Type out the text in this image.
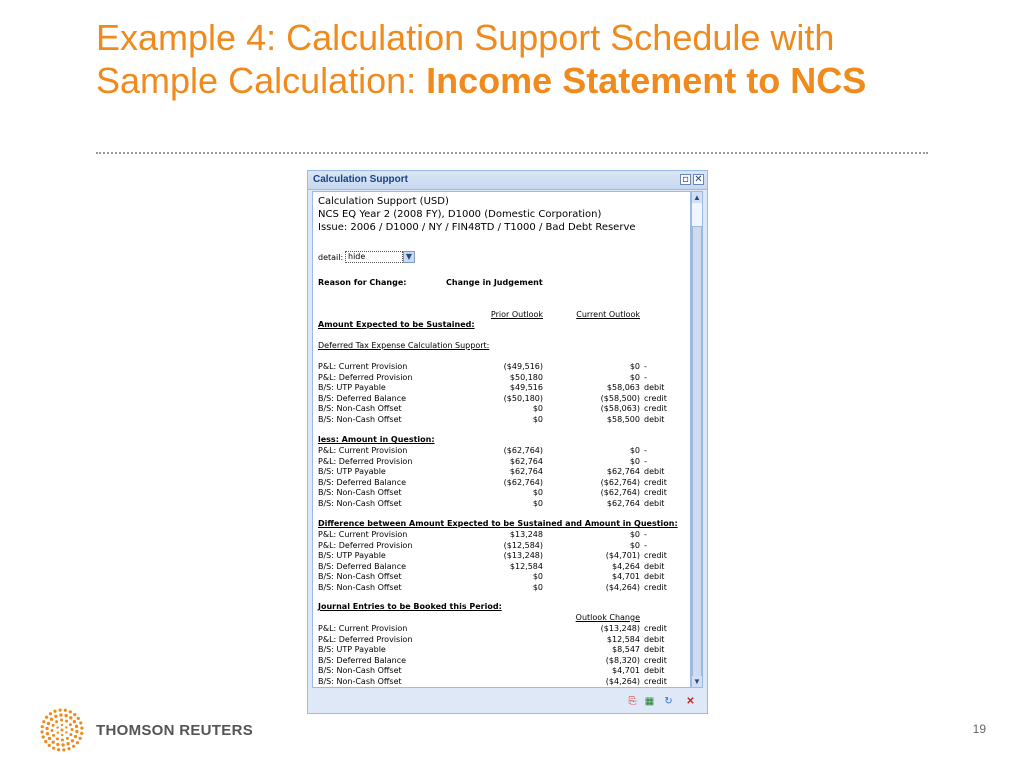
Example 4: Calculation Support Schedule with
Sample Calculation: Income Statement to NCS
Calculation Support	▫ ✕
Calculation Support (USD)
NCS EQ Year 2 (2008 FY), D1000 (Domestic Corporation)
Issue: 2006 / D1000 / NY / FIN48TD / T1000 / Bad Debt Reserve
detail: hide	▼
Reason for Change:	Change in Judgement
Prior Outlook	Current Outlook
Amount Expected to be Sustained:
Deferred Tax Expense Calculation Support:
P&L: Current Provision	($49,516)	$0 -
P&L: Deferred Provision	$50,180	$0 -
B/S: UTP Payable	$49,516	$58,063 debit
B/S: Deferred Balance	($50,180)	($58,500) credit
B/S: Non-Cash Offset	$0	($58,063) credit
B/S: Non-Cash Offset	$0	$58,500 debit
less: Amount in Question:
P&L: Current Provision	($62,764)	$0 -
P&L: Deferred Provision	$62,764	$0 -
B/S: UTP Payable	$62,764	$62,764 debit
B/S: Deferred Balance	($62,764)	($62,764) credit
B/S: Non-Cash Offset	$0	($62,764) credit
B/S: Non-Cash Offset	$0	$62,764 debit
Difference between Amount Expected to be Sustained and Amount in Question:
P&L: Current Provision	$13,248	$0 -
P&L: Deferred Provision	($12,584)	$0 -
B/S: UTP Payable	($13,248)	($4,701) credit
B/S: Deferred Balance	$12,584	$4,264 debit
B/S: Non-Cash Offset	$0	$4,701 debit
B/S: Non-Cash Offset	$0	($4,264) credit
Journal Entries to be Booked this Period:
Outlook Change
P&L: Current Provision	($13,248) credit
P&L: Deferred Provision	$12,584 debit
B/S: UTP Payable	$8,547 debit
B/S: Deferred Balance	($8,320) credit
B/S: Non-Cash Offset	$4,701 debit
B/S: Non-Cash Offset	($4,264) credit
▲
▼
⎘ ▦ ↻ ✕
THOMSON REUTERS	19
